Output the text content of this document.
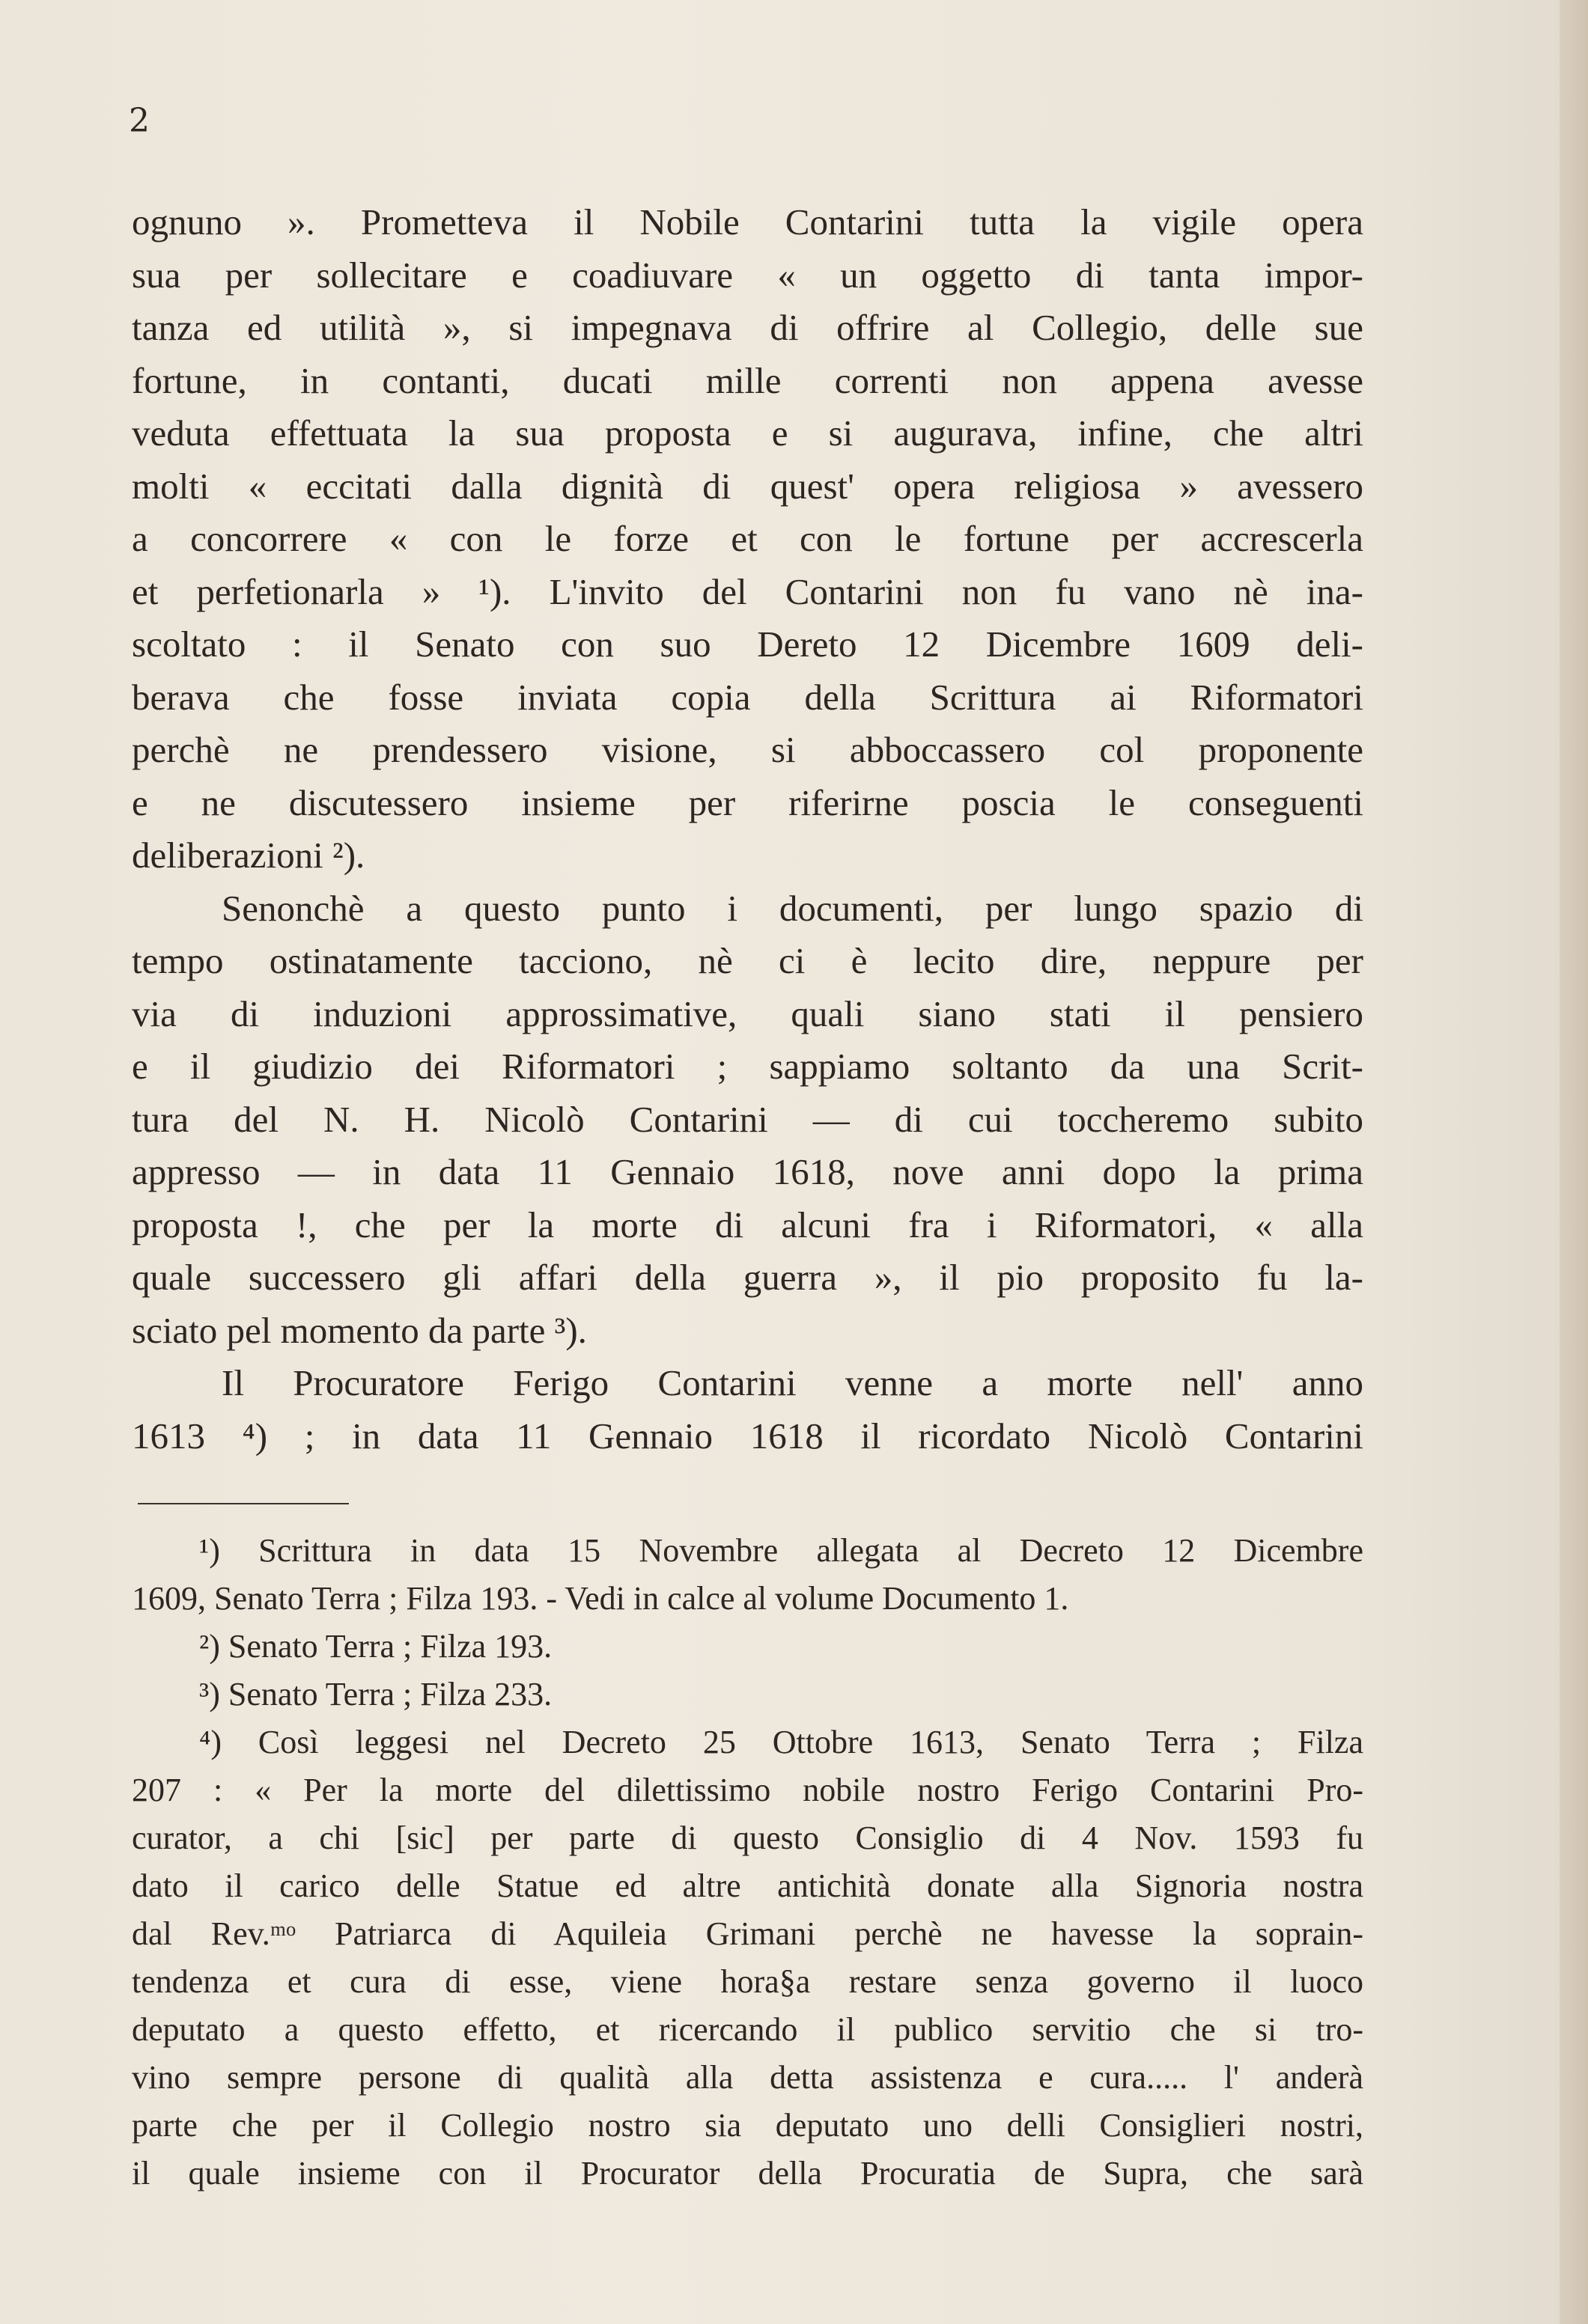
2
ognuno ». Prometteva il Nobile Contarini tutta la vigile opera
sua per sollecitare e coadiuvare « un oggetto di tanta impor-
tanza ed utilità », si impegnava di offrire al Collegio, delle sue
fortune, in contanti, ducati mille correnti non appena avesse
veduta effettuata la sua proposta e si augurava, infine, che altri
molti « eccitati dalla dignità di quest' opera religiosa » avessero
a concorrere « con le forze et con le fortune per accrescerla
et perfetionarla » ¹). L'invito del Contarini non fu vano nè ina-
scoltato : il Senato con suo Dereto 12 Dicembre 1609 deli-
berava che fosse inviata copia della Scrittura ai Riformatori
perchè ne prendessero visione, si abboccassero col proponente
e ne discutessero insieme per riferirne poscia le conseguenti
deliberazioni ²).
Senonchè a questo punto i documenti, per lungo spazio di
tempo ostinatamente tacciono, nè ci è lecito dire, neppure per
via di induzioni approssimative, quali siano stati il pensiero
e il giudizio dei Riformatori ; sappiamo soltanto da una Scrit-
tura del N. H. Nicolò Contarini — di cui toccheremo subito
appresso — in data 11 Gennaio 1618, nove anni dopo la prima
proposta !, che per la morte di alcuni fra i Riformatori, « alla
quale successero gli affari della guerra », il pio proposito fu la-
sciato pel momento da parte ³).
Il Procuratore Ferigo Contarini venne a morte nell' anno
1613 ⁴) ; in data 11 Gennaio 1618 il ricordato Nicolò Contarini
¹) Scrittura in data 15 Novembre allegata al Decreto 12 Dicembre
1609, Senato Terra ; Filza 193. - Vedi in calce al volume Documento 1.
²) Senato Terra ; Filza 193.
³) Senato Terra ; Filza 233.
⁴) Così leggesi nel Decreto 25 Ottobre 1613, Senato Terra ; Filza
207 : « Per la morte del dilettissimo nobile nostro Ferigo Contarini Pro-
curator, a chi [sic] per parte di questo Consiglio di 4 Nov. 1593 fu
dato il carico delle Statue ed altre antichità donate alla Signoria nostra
dal Rev.ᵐᵒ Patriarca di Aquileia Grimani perchè ne havesse la soprain-
tendenza et cura di esse, viene hora§a restare senza governo il luoco
deputato a questo effetto, et ricercando il publico servitio che si tro-
vino sempre persone di qualità alla detta assistenza e cura..... l' anderà
parte che per il Collegio nostro sia deputato uno delli Consiglieri nostri,
il quale insieme con il Procurator della Procuratia de Supra, che sarà
